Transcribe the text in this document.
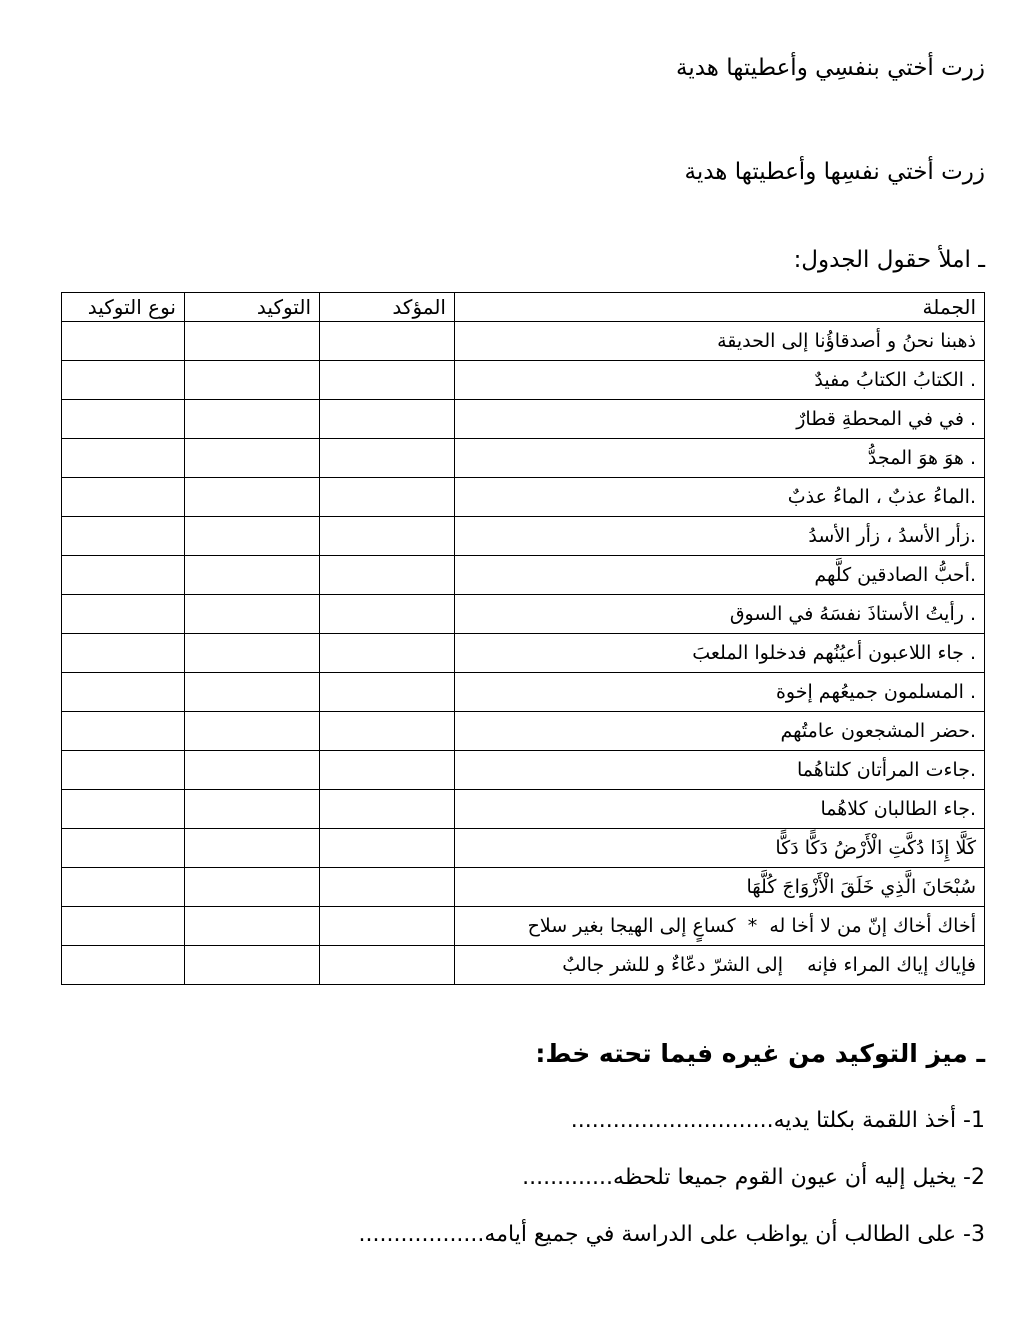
زرت أختي بنفسِي وأعطيتها هدية

زرت أختي نفسِها وأعطيتها هدية

ـ املأ حقول الجدول:

الجملة	المؤكد	التوكيد	نوع التوكيد
ذهبنا نحنُ و أصدقاؤُنا إلى الحديقة			
. الكتابُ الكتابُ مفيدٌ			
. في في المحطةِ قطارٌ			
. هوَ هوَ المجدُّ			
.الماءُ عذبٌ ، الماءُ عذبٌ			
.زأر الأسدُ ، زأر الأسدُ			
.أحبُّ الصادقين كلَّهم			
. رأيتُ الأستاذَ نفسَهُ في السوق			
. جاء اللاعبون أعيُنُهم فدخلوا الملعبَ			
. المسلمون جميعُهم إخوة			
.حضر المشجعون عامتُهم			
.جاءت المرأتان كلتاهُما			
.جاء الطالبان كلاهُما			
كَلَّا إِذَا دُكَّتِ الْأَرْضُ دَكًّا دَكًّا			
سُبْحَانَ الَّذِي خَلَقَ الْأَزْوَاجَ كُلَّهَا			
أخاك أخاك إنّ من لا أخا له  *  كساعٍ إلى الهيجا بغير سلاح			
فإياك إياك المراء فإنه    إلى الشرّ دعّاءٌ و للشر جالبٌ			

ـ ميز التوكيد من غيره فيما تحته خط:

1- أخذ اللقمة بكلتا يديه.............................

2- يخيل إليه أن عيون القوم جميعا تلحظه.............

3- على الطالب أن يواظب على الدراسة في جميع أيامه..................
